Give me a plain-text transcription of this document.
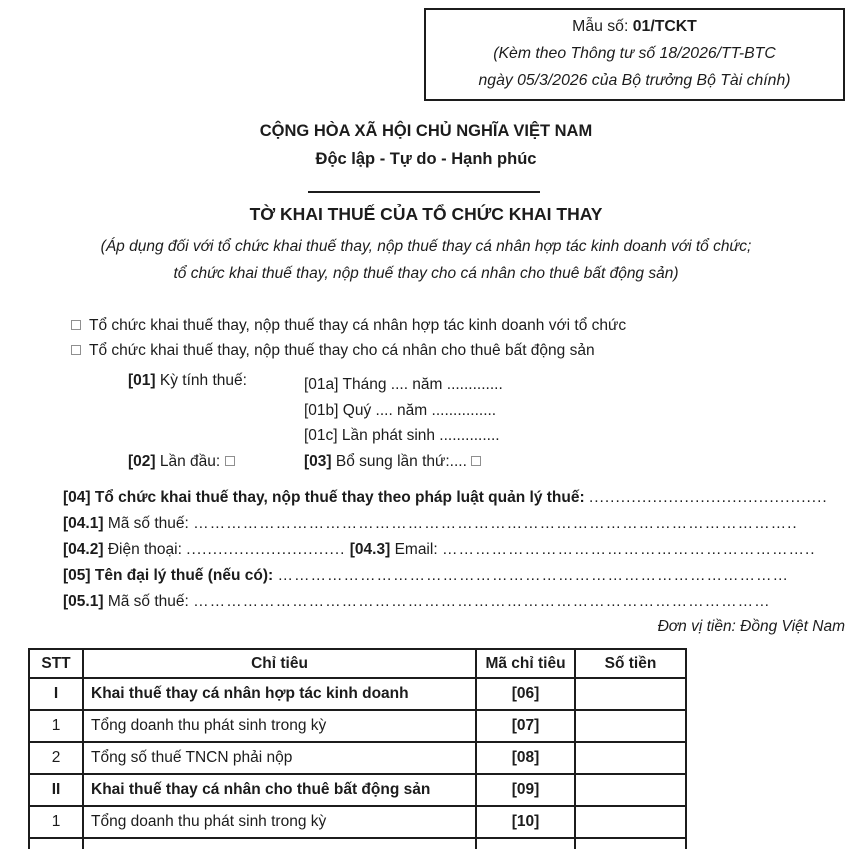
Mẫu số: 01/TCKT
(Kèm theo Thông tư số 18/2026/TT-BTC
ngày 05/3/2026 của Bộ trưởng Bộ Tài chính)
CỘNG HÒA XÃ HỘI CHỦ NGHĨA VIỆT NAM
Độc lập - Tự do - Hạnh phúc
TỜ KHAI THUẾ CỦA TỔ CHỨC KHAI THAY
(Áp dụng đối với tổ chức khai thuế thay, nộp thuế thay cá nhân hợp tác kinh doanh với tổ chức;
tổ chức khai thuế thay, nộp thuế thay cho cá nhân cho thuê bất động sản)
Tổ chức khai thuế thay, nộp thuế thay cá nhân hợp tác kinh doanh với tổ chức
Tổ chức khai thuế thay, nộp thuế thay cho cá nhân cho thuê bất động sản
[01] Kỳ tính thuế:	[01a] Tháng .... năm .............
[01b] Quý .... năm ...............
[01c] Lần phát sinh ..............
[02] Lần đầu:	[03] Bổ sung lần thứ:....
[04] Tổ chức khai thuế thay, nộp thuế thay theo pháp luật quản lý thuế: .............................................
[04.1] Mã số thuế: ………………………………………………………………………………………………..
[04.2] Điện thoại: .............................. [04.3] Email: …………………………………………………………..
[05] Tên đại lý thuế (nếu có): …………………………………………………………………………………
[05.1] Mã số thuế: ……………………………………………………………………………………………
Đơn vị tiền: Đồng Việt Nam
STT	Chỉ tiêu	Mã chỉ tiêu	Số tiền
I	Khai thuế thay cá nhân hợp tác kinh doanh	[06]	
1	Tổng doanh thu phát sinh trong kỳ	[07]	
2	Tổng số thuế TNCN phải nộp	[08]	
II	Khai thuế thay cá nhân cho thuê bất động sản	[09]	
1	Tổng doanh thu phát sinh trong kỳ	[10]	
